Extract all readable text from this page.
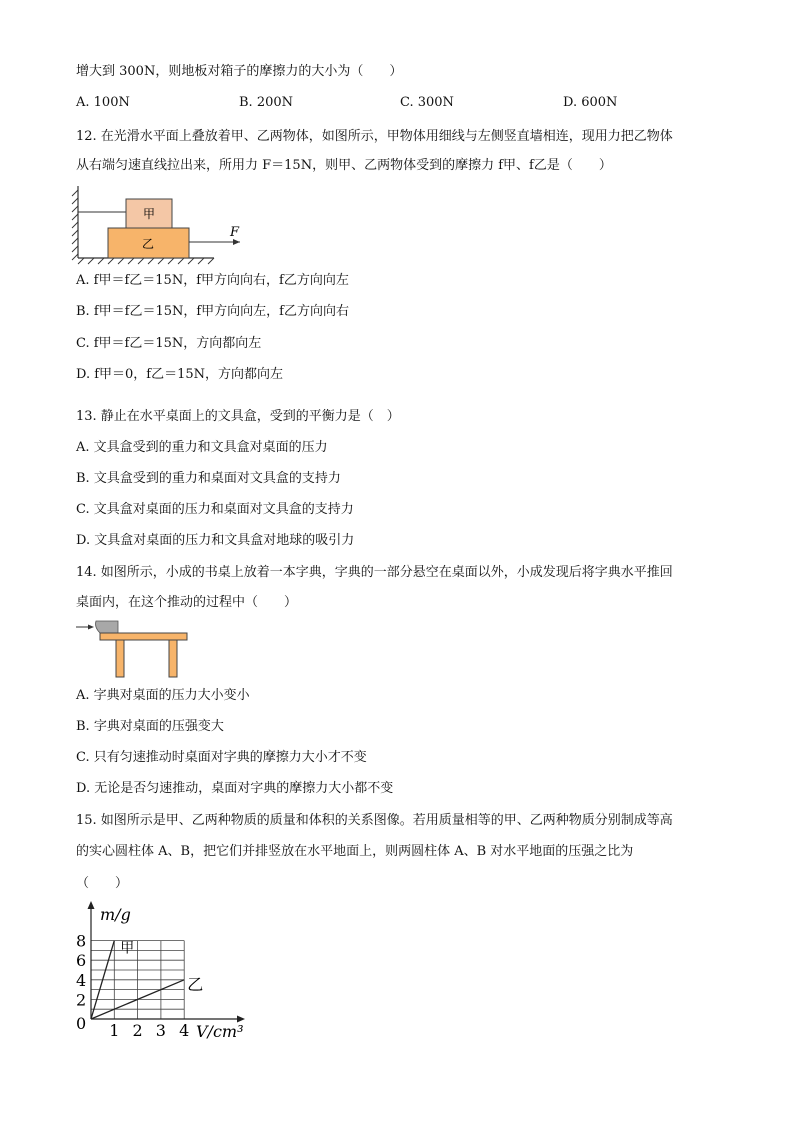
增大到 300N，则地板对箱子的摩擦力的大小为（　　）
A. 100N	B. 200N	C. 300N	D. 600N
12. 在光滑水平面上叠放着甲、乙两物体，如图所示，甲物体用细线与左侧竖直墙相连，现用力把乙物体
从右端匀速直线拉出来，所用力 F＝15N，则甲、乙两物体受到的摩擦力 f甲、f乙是（　　）
甲
乙
F
A. f甲＝f乙＝15N，f甲方向向右，f乙方向向左
B. f甲＝f乙＝15N，f甲方向向左，f乙方向向右
C. f甲＝f乙＝15N，方向都向左
D. f甲＝0，f乙＝15N，方向都向左
13. 静止在水平桌面上的文具盒，受到的平衡力是（　）
A. 文具盒受到的重力和文具盒对桌面的压力
B. 文具盒受到的重力和桌面对文具盒的支持力
C. 文具盒对桌面的压力和桌面对文具盒的支持力
D. 文具盒对桌面的压力和文具盒对地球的吸引力
14. 如图所示，小成的书桌上放着一本字典，字典的一部分悬空在桌面以外，小成发现后将字典水平推回
桌面内，在这个推动的过程中（　　）
A. 字典对桌面的压力大小变小
B. 字典对桌面的压强变大
C. 只有匀速推动时桌面对字典的摩擦力大小才不变
D. 无论是否匀速推动，桌面对字典的摩擦力大小都不变
15. 如图所示是甲、乙两种物质的质量和体积的关系图像。若用质量相等的甲、乙两种物质分别制成等高
的实心圆柱体 A、B，把它们并排竖放在水平地面上，则两圆柱体 A、B 对水平地面的压强之比为
（　　）
甲
乙
1 2 3 4
2
4
6
8
0
m/g
V/cm³
